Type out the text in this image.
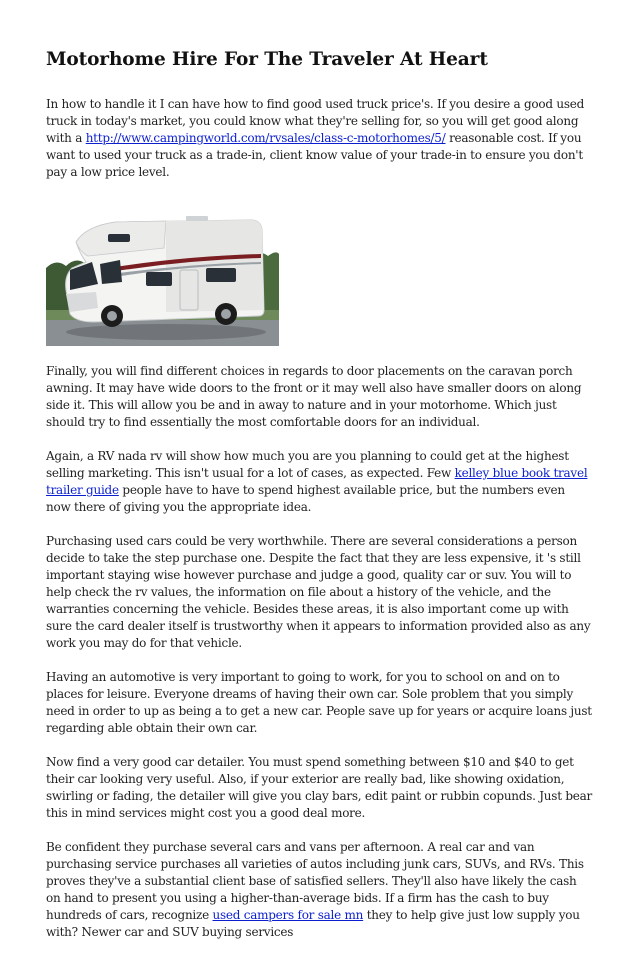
Motorhome Hire For The Traveler At Heart

In how to handle it I can have how to find good used truck price's. If you desire a good used truck in today's market, you could know what they're selling for, so you will get good along with a http://www.campingworld.com/rvsales/class-c-motorhomes/5/ reasonable cost. If you want to used your truck as a trade-in, client know value of your trade-in to ensure you don't pay a low price level.

Finally, you will find different choices in regards to door placements on the caravan porch awning. It may have wide doors to the front or it may well also have smaller doors on along side it. This will allow you be and in away to nature and in your motorhome. Which just should try to find essentially the most comfortable doors for an individual.

Again, a RV nada rv will show how much you are you planning to could get at the highest selling marketing. This isn't usual for a lot of cases, as expected. Few kelley blue book travel trailer guide people have to have to spend highest available price, but the numbers even now there of giving you the appropriate idea.

Purchasing used cars could be very worthwhile. There are several considerations a person decide to take the step purchase one. Despite the fact that they are less expensive, it 's still important staying wise however purchase and judge a good, quality car or suv. You will to help check the rv values, the information on file about a history of the vehicle, and the warranties concerning the vehicle. Besides these areas, it is also important come up with sure the card dealer itself is trustworthy when it appears to information provided also as any work you may do for that vehicle.

Having an automotive is very important to going to work, for you to school on and on to places for leisure. Everyone dreams of having their own car. Sole problem that you simply need in order to up as being a to get a new car. People save up for years or acquire loans just regarding able obtain their own car.

Now find a very good car detailer. You must spend something between $10 and $40 to get their car looking very useful. Also, if your exterior are really bad, like showing oxidation, swirling or fading, the detailer will give you clay bars, edit paint or rubbin copunds. Just bear this in mind services might cost you a good deal more.

Be confident they purchase several cars and vans per afternoon. A real car and van purchasing service purchases all varieties of autos including junk cars, SUVs, and RVs. This proves they've a substantial client base of satisfied sellers. They'll also have likely the cash on hand to present you using a higher-than-average bids. If a firm has the cash to buy hundreds of cars, recognize used campers for sale mn they to help give just low supply you with? Newer car and SUV buying services
